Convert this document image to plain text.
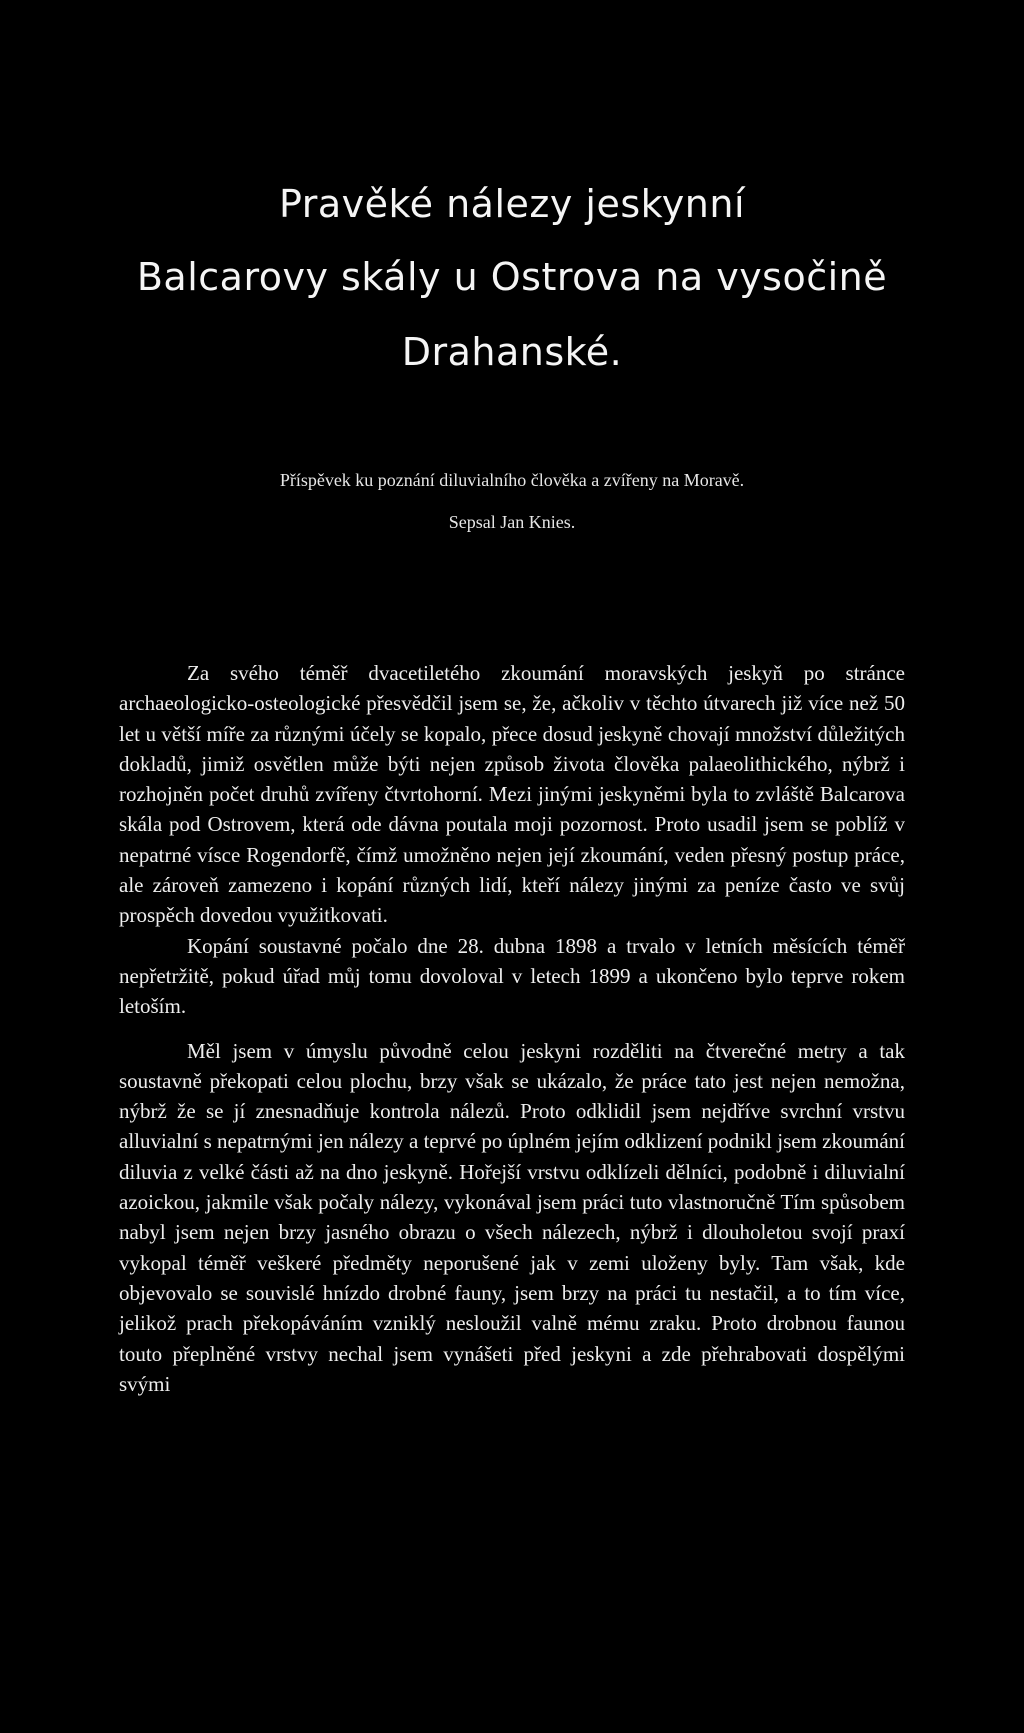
Pravěké nálezy jeskynní
Balcarovy skály u Ostrova na vysočině
Drahanské.
Příspěvek ku poznání diluvialního člověka a zvířeny na Moravě.
Sepsal Jan Knies.

Za svého téměř dvacetiletého zkoumání moravských jeskyň po stránce archaeologicko-osteologické přesvědčil jsem se, že, ačkoliv v těchto útvarech již více než 50 let u větší míře za různými účely se kopalo, přece dosud jeskyně chovají množství důležitých dokladů, jimiž osvětlen může býti nejen způsob života člověka palaeolithického, nýbrž i rozhojněn počet druhů zvířeny čtvrtohorní. Mezi jinými jeskyněmi byla to zvláště Balcarova skála pod Ostrovem, která ode dávna poutala moji pozornost. Proto usadil jsem se poblíž v nepatrné víscе Rogendorfě, čímž umožněno nejen její zkoumání, veden přesný postup práce, ale zároveň zamezeno i kopání různých lidí, kteří nálezy jinými za peníze často ve svůj prospěch dovedou využitkovati.

Kopání soustavné počalo dne 28. dubna 1898 a trvalo v letních měsících téměř nepřetržitě, pokud úřad můj tomu dovoloval v letech 1899 a ukončeno bylo teprve rokem letoším.

Měl jsem v úmyslu původně celou jeskyni rozděliti na čtverečné metry a tak soustavně překopati celou plochu, brzy však se ukázalo, že práce tato jest nejen nemožna, nýbrž že se jí znesnadňuje kontrola nálezů. Proto odklidil jsem nejdříve svrchní vrstvu alluvialní s nepatrnými jen nálezy a teprvé po úplném jejím odklizení podnikl jsem zkoumání diluvia z velké části až na dno jeskyně. Hořejší vrstvu odklízeli dělníci, podobně i diluvialní azoickou, jakmile však počaly nálezy, vykonával jsem práci tuto vlastnoručně Tím spůsobem nabyl jsem nejen brzy jasného obrazu o všech nálezech, nýbrž i dlouholetou svojí praxí vykopal téměř veškeré předměty neporušené jak v zemi uloženy byly. Tam však, kde objevovalo se souvislé hnízdo drobné fauny, jsem brzy na práci tu nestačil, a to tím více, jelikož prach překopáváním vzniklý nesloužil valně mému zraku. Proto drobnou faunou touto přeplněné vrstvy nechal jsem vynášeti před jeskyni a zde přehrabovati dospělými svými
